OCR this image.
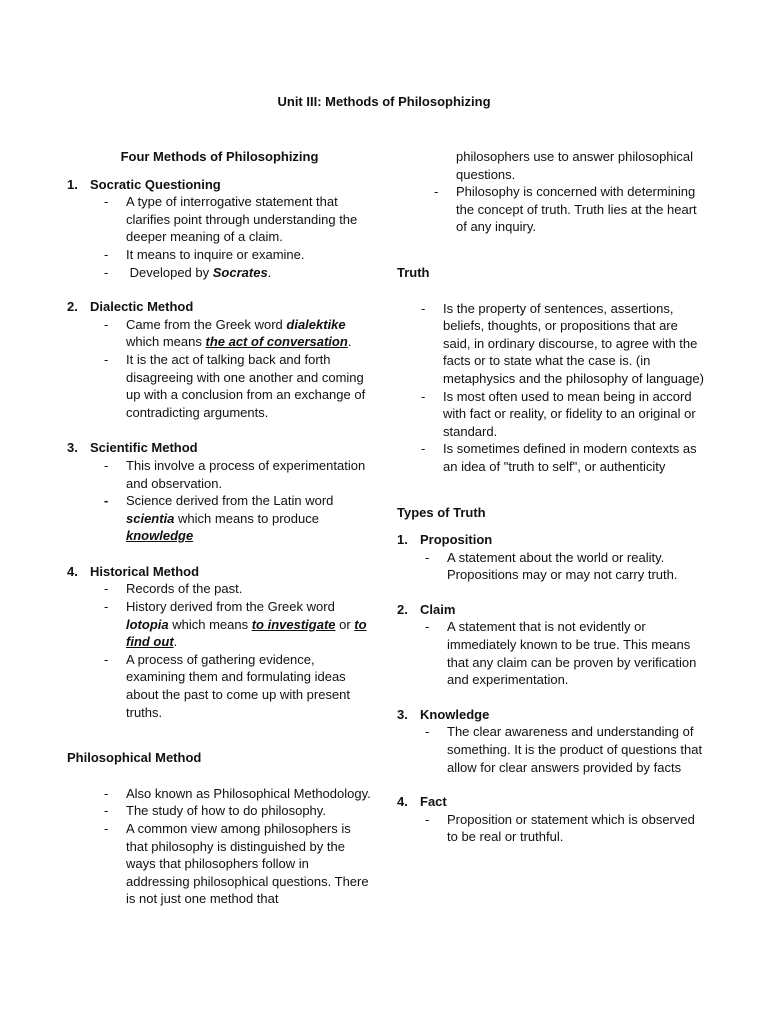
Unit III: Methods of Philosophizing

Four Methods of Philosophizing

1. Socratic Questioning

- A type of interrogative statement that clarifies point through understanding the deeper meaning of a claim.

- It means to inquire or examine.

- Developed by Socrates.

2. Dialectic Method

- Came from the Greek word dialektike which means the act of conversation.

- It is the act of talking back and forth disagreeing with one another and coming up with a conclusion from an exchange of contradicting arguments.

3. Scientific Method

- This involve a process of experimentation and observation.

- Science derived from the Latin word scientia which means to produce knowledge

4. Historical Method

- Records of the past.

- History derived from the Greek word lotopia which means to investigate or to find out.

- A process of gathering evidence, examining them and formulating ideas about the past to come up with present truths.

Philosophical Method

- Also known as Philosophical Methodology.

- The study of how to do philosophy.

- A common view among philosophers is that philosophy is distinguished by the ways that philosophers follow in addressing philosophical questions. There is not just one method that

philosophers use to answer philosophical questions.

- Philosophy is concerned with determining the concept of truth. Truth lies at the heart of any inquiry.

Truth

- Is the property of sentences, assertions, beliefs, thoughts, or propositions that are said, in ordinary discourse, to agree with the facts or to state what the case is. (in metaphysics and the philosophy of language)

- Is most often used to mean being in accord with fact or reality, or fidelity to an original or standard.

- Is sometimes defined in modern contexts as an idea of "truth to self", or authenticity

Types of Truth

1. Proposition

- A statement about the world or reality. Propositions may or may not carry truth.

2. Claim

- A statement that is not evidently or immediately known to be true. This means that any claim can be proven by verification and experimentation.

3. Knowledge

- The clear awareness and understanding of something. It is the product of questions that allow for clear answers provided by facts

4. Fact

- Proposition or statement which is observed to be real or truthful.
